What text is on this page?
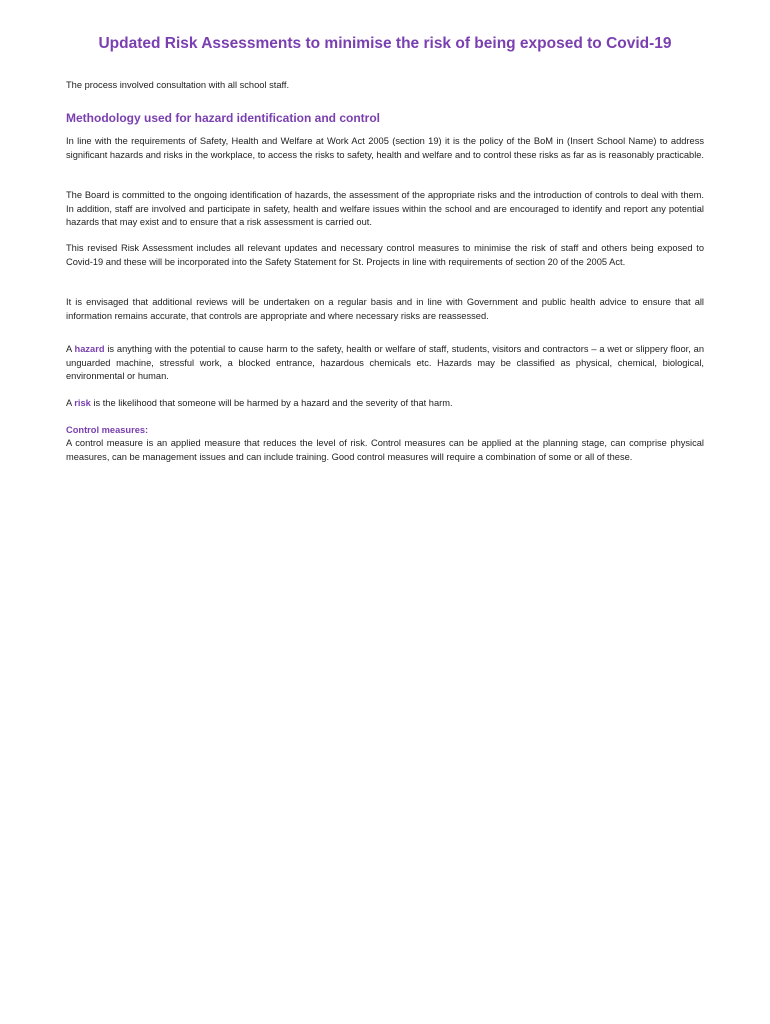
Updated Risk Assessments to minimise the risk of being exposed to Covid-19
The process involved consultation with all school staff.
Methodology used for hazard identification and control

In line with the requirements of Safety, Health and Welfare at Work Act 2005 (section 19) it is the policy of the BoM in (Insert School Name) to address significant hazards and risks in the workplace, to access the risks to safety, health and welfare and to control these risks as far as is reasonably practicable.

The Board is committed to the ongoing identification of hazards, the assessment of the appropriate risks and the introduction of controls to deal with them. In addition, staff are involved and participate in safety, health and welfare issues within the school and are encouraged to identify and report any potential hazards that may exist and to ensure that a risk assessment is carried out.

This revised Risk Assessment includes all relevant updates and necessary control measures to minimise the risk of staff and others being exposed to Covid-19 and these will be incorporated into the Safety Statement for St. Projects in line with requirements of section 20 of the 2005 Act.

It is envisaged that additional reviews will be undertaken on a regular basis and in line with Government and public health advice to ensure that all information remains accurate, that controls are appropriate and where necessary risks are reassessed.

A hazard is anything with the potential to cause harm to the safety, health or welfare of staff, students, visitors and contractors – a wet or slippery floor, an unguarded machine, stressful work, a blocked entrance, hazardous chemicals etc. Hazards may be classified as physical, chemical, biological, environmental or human.

A risk is the likelihood that someone will be harmed by a hazard and the severity of that harm.

Control measures:

A control measure is an applied measure that reduces the level of risk. Control measures can be applied at the planning stage, can comprise physical measures, can be management issues and can include training. Good control measures will require a combination of some or all of these.
